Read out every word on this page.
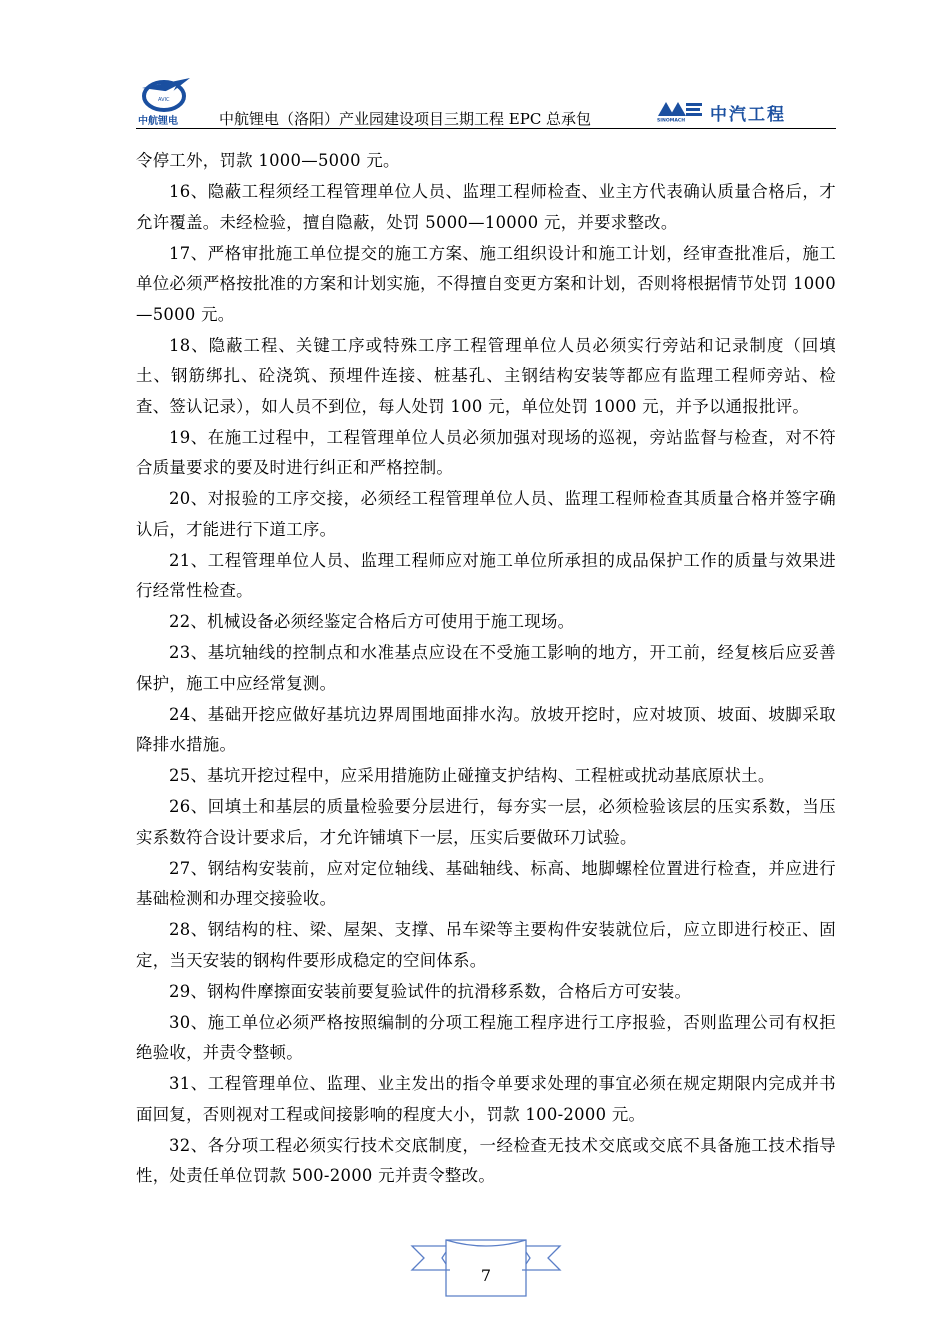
AVIC
中航锂电	中航锂电（洛阳）产业园建设项目三期工程 EPC 总承包	SINOMACH 中汽工程

令停工外，罚款 1000—5000 元。

16、隐蔽工程须经工程管理单位人员、监理工程师检查、业主方代表确认质量合格后，才允许覆盖。未经检验，擅自隐蔽，处罚 5000—10000 元，并要求整改。

17、严格审批施工单位提交的施工方案、施工组织设计和施工计划，经审查批准后，施工单位必须严格按批准的方案和计划实施，不得擅自变更方案和计划，否则将根据情节处罚 1000—5000 元。

18、隐蔽工程、关键工序或特殊工序工程管理单位人员必须实行旁站和记录制度（回填土、钢筋绑扎、砼浇筑、预埋件连接、桩基孔、主钢结构安装等都应有监理工程师旁站、检查、签认记录），如人员不到位，每人处罚 100 元，单位处罚 1000 元，并予以通报批评。

19、在施工过程中，工程管理单位人员必须加强对现场的巡视，旁站监督与检查，对不符合质量要求的要及时进行纠正和严格控制。

20、对报验的工序交接，必须经工程管理单位人员、监理工程师检查其质量合格并签字确认后，才能进行下道工序。

21、工程管理单位人员、监理工程师应对施工单位所承担的成品保护工作的质量与效果进行经常性检查。

22、机械设备必须经鉴定合格后方可使用于施工现场。

23、基坑轴线的控制点和水准基点应设在不受施工影响的地方，开工前，经复核后应妥善保护，施工中应经常复测。

24、基础开挖应做好基坑边界周围地面排水沟。放坡开挖时，应对坡顶、坡面、坡脚采取降排水措施。

25、基坑开挖过程中，应采用措施防止碰撞支护结构、工程桩或扰动基底原状土。

26、回填土和基层的质量检验要分层进行，每夯实一层，必须检验该层的压实系数，当压实系数符合设计要求后，才允许铺填下一层，压实后要做环刀试验。

27、钢结构安装前，应对定位轴线、基础轴线、标高、地脚螺栓位置进行检查，并应进行基础检测和办理交接验收。

28、钢结构的柱、梁、屋架、支撑、吊车梁等主要构件安装就位后，应立即进行校正、固定，当天安装的钢构件要形成稳定的空间体系。

29、钢构件摩擦面安装前要复验试件的抗滑移系数，合格后方可安装。

30、施工单位必须严格按照编制的分项工程施工程序进行工序报验，否则监理公司有权拒绝验收，并责令整顿。

31、工程管理单位、监理、业主发出的指令单要求处理的事宜必须在规定期限内完成并书面回复，否则视对工程或间接影响的程度大小，罚款 100-2000 元。

32、各分项工程必须实行技术交底制度，一经检查无技术交底或交底不具备施工技术指导性，处责任单位罚款 500-2000 元并责令整改。

7
